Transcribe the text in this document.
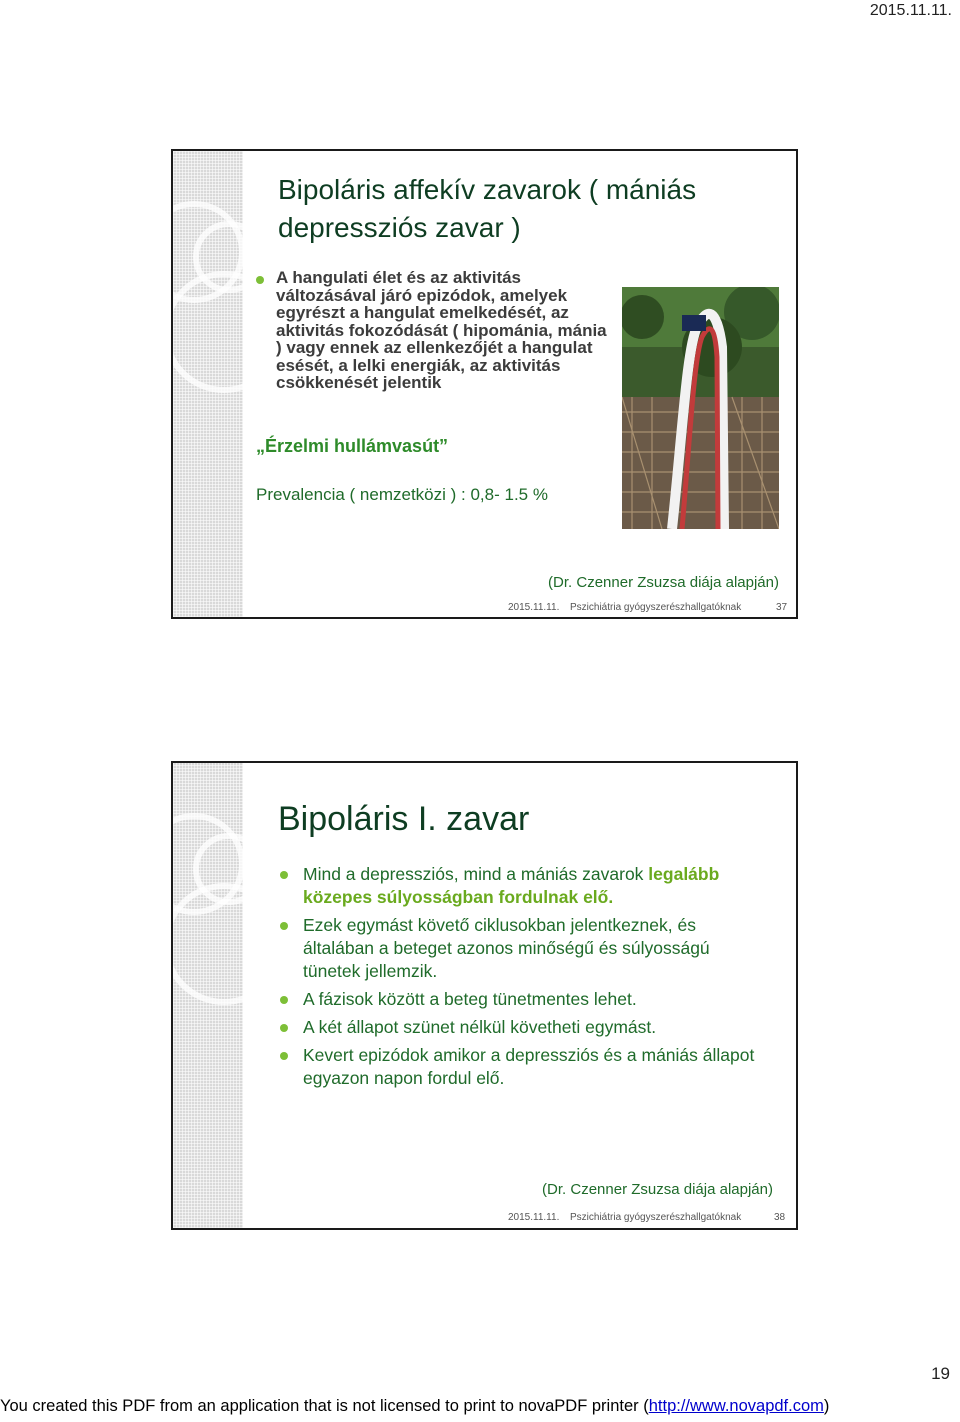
2015.11.11.
Bipoláris affekív zavarok ( mániás depressziós zavar )
A hangulati élet és az aktivitás változásával járó epizódok, amelyek egyrészt a hangulat emelkedését, az aktivitás fokozódását ( hipománia, mánia ) vagy ennek az ellenkezőjét a hangulat esését, a lelki energiák, az aktivitás csökkenését jelentik
„Érzelmi hullámvasút”
Prevalencia ( nemzetközi ) : 0,8- 1.5 %
(Dr. Czenner Zsuzsa diája alapján)
2015.11.11. Pszichiátria gyógyszerészhallgatóknak	37
Bipoláris I. zavar
Mind a depressziós, mind a mániás zavarok legalább közepes súlyosságban fordulnak elő.
Ezek egymást követő ciklusokban jelentkeznek, és általában a beteget azonos minőségű és súlyosságú tünetek jellemzik.
A fázisok között a beteg tünetmentes lehet.
A két állapot szünet nélkül követheti egymást.
Kevert epizódok amikor a depressziós és a mániás állapot egyazon napon fordul elő.
(Dr. Czenner Zsuzsa diája alapján)
2015.11.11. Pszichiátria gyógyszerészhallgatóknak	38
19
You created this PDF from an application that is not licensed to print to novaPDF printer (http://www.novapdf.com)
